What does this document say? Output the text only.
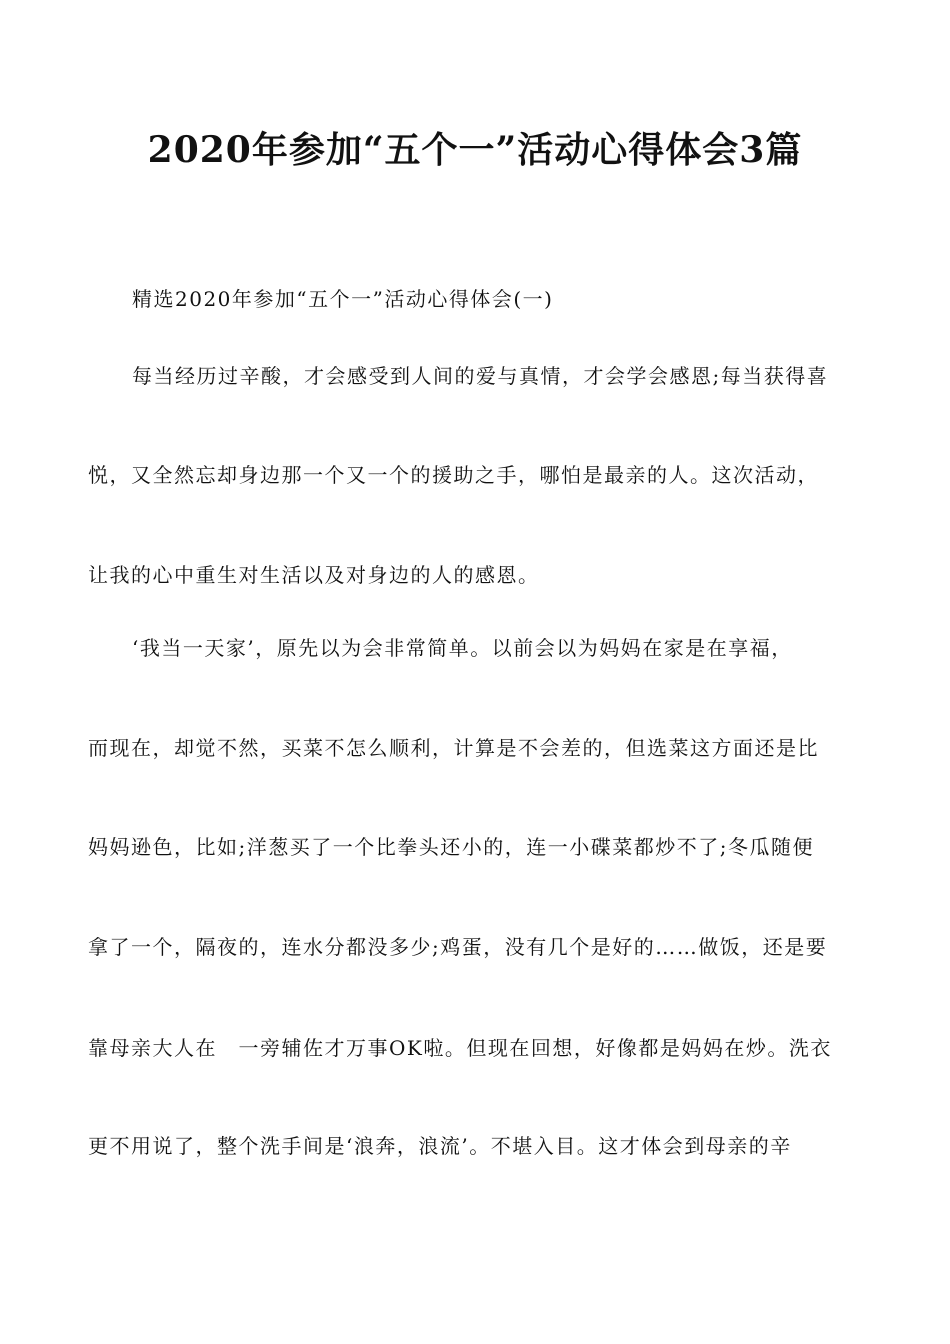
2020年参加“五个一”活动心得体会3篇
精选2020年参加“五个一”活动心得体会(一)
每当经历过辛酸，才会感受到人间的爱与真情，才会学会感恩;每当获得喜
悦，又全然忘却身边那一个又一个的援助之手，哪怕是最亲的人。这次活动，
让我的心中重生对生活以及对身边的人的感恩。
‘我当一天家’，原先以为会非常简单。以前会以为妈妈在家是在享福，
而现在，却觉不然，买菜不怎么顺利，计算是不会差的，但选菜这方面还是比
妈妈逊色，比如;洋葱买了一个比拳头还小的，连一小碟菜都炒不了;冬瓜随便
拿了一个，隔夜的，连水分都没多少;鸡蛋，没有几个是好的……做饭，还是要
靠母亲大人在　一旁辅佐才万事OK啦。但现在回想，好像都是妈妈在炒。洗衣
更不用说了，整个洗手间是‘浪奔，浪流’。不堪入目。这才体会到母亲的辛
